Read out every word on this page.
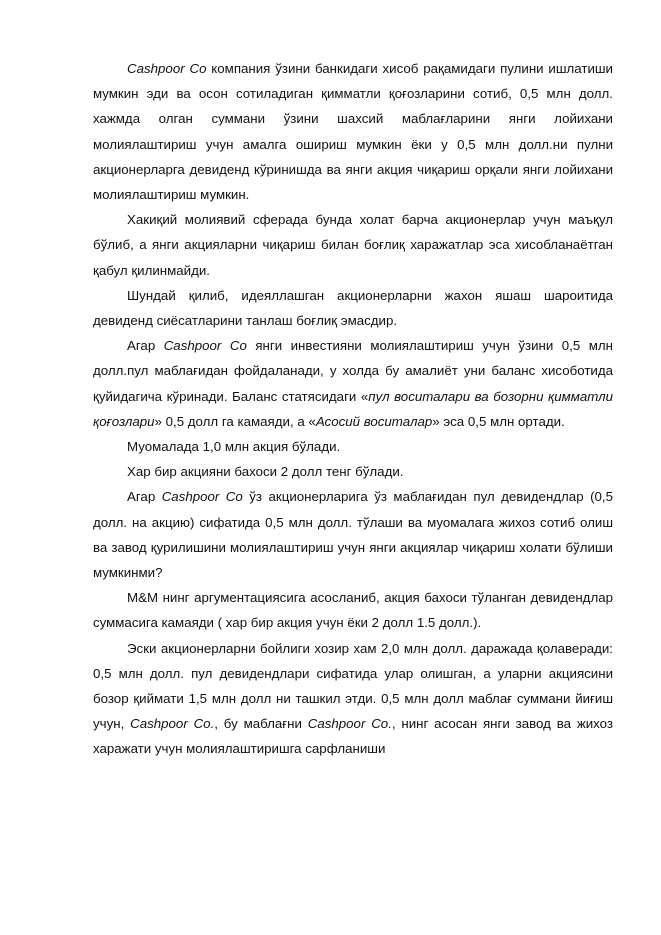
Cashpoor Co компания ўзини банкидаги хисоб рақамидаги пулини ишлатиши мумкин эди ва осон сотиладиган қимматли қоғозларини сотиб, 0,5 млн долл. хажмда олган суммани ўзини шахсий маблағларини янги лойихани молиялаштириш учун амалга ошириш мумкин ёки у 0,5 млн долл.ни пулни акционерларга девиденд кўринишда ва янги акция чиқариш орқали янги лойихани молиялаштириш мумкин.

Хакиқий молиявий сферада бунда холат барча акционерлар учун маъқул бўлиб, а янги акцияларни чиқариш билан боғлиқ харажатлар эса хисобланаётган қабул қилинмайди.

Шундай қилиб, идеяллашган акционерларни жахон яшаш шароитида девиденд сиёсатларини танлаш боғлиқ эмасдир.

Агар Cashpoor Co янги инвестияни молиялаштириш учун ўзини 0,5 млн долл.пул маблағидан фойдаланади, у холда бу амалиёт уни баланс хисоботида қуйидагича кўринади. Баланс статясидаги «пул воситалари ва бозорни қимматли қоғозлари» 0,5 долл га камаяди, а «Асосий воситалар» эса 0,5 млн ортади.

Муомалада 1,0 млн акция бўлади.

Хар бир акцияни бахоси 2 долл тенг бўлади.

Агар Cashpoor Co ўз акционерларига ўз маблағидан пул девидендлар (0,5 долл. на акцию) сифатида 0,5 млн долл. тўлаши ва муомалага жихоз сотиб олиш ва завод қурилишини молиялаштириш учун янги акциялар чиқариш холати бўлиши мумкинми?

M&M нинг аргументациясига асосланиб, акция бахоси тўланган девидендлар суммасига камаяди ( хар бир акция учун ёки 2 долл 1.5 долл.).

Эски акционерларни бойлиги хозир хам 2,0 млн долл. даражада қолаверади: 0,5 млн долл. пул девидендлари сифатида улар олишган, а уларни акциясини бозор қиймати 1,5 млн долл ни ташкил этди. 0,5 млн долл маблағ суммани йиғиш учун, Cashpoor Co., бу маблағни Cashpoor Co., нинг асосан янги завод ва жихоз харажати учун молиялаштиришга сарфланиши
